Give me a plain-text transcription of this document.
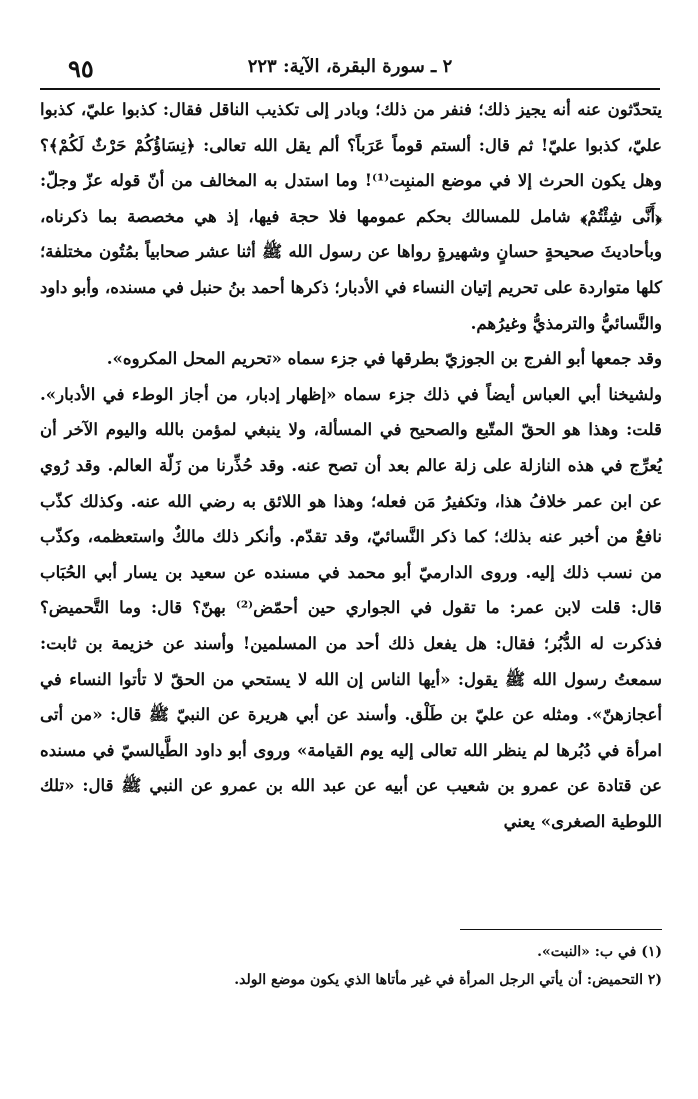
٩٥	٢ ـ سورة البقرة، الآية: ٢٢٣

يتحدّثون عنه أنه يجيز ذلك؛ فنفر من ذلك؛ وبادر إلى تكذيب الناقل فقال: كذبوا عليّ، كذبوا عليّ، كذبوا عليّ! ثم قال: ألستم قوماً عَرَباً؟ ألم يقل الله تعالى: ﴿نِسَاؤُكُمْ حَرْثٌ لَكُمْ﴾؟ وهل يكون الحرث إلا في موضع المنبِت⁽¹⁾! وما استدل به المخالف من أنّ قوله عزّ وجلّ: ﴿أَنَّى شِئْتُمْ﴾ شامل للمسالك بحكم عمومها فلا حجة فيها، إذ هي مخصصة بما ذكرناه، وبأحاديثَ صحيحةٍ حسانٍ وشهيرةٍ رواها عن رسول الله ﷺ أثنا عشر صحابياً بمُتُون مختلفة؛ كلها متواردة على تحريم إتيان النساء في الأدبار؛ ذكرها أحمد بنُ حنبل في مسنده، وأبو داود والنَّسائيُّ والترمذيُّ وغيرُهم.

وقد جمعها أبو الفرج بن الجوزيّ بطرقها في جزء سماه «تحريم المحل المكروه».

ولشيخنا أبي العباس أيضاً في ذلك جزء سماه «إظهار إدبار، من أجاز الوطء في الأدبار». قلت: وهذا هو الحقّ المتّبع والصحيح في المسألة، ولا ينبغي لمؤمن بالله واليوم الآخر أن يُعرِّج في هذه النازلة على زلة عالم بعد أن تصح عنه. وقد حُذِّرنا من زَلّة العالم. وقد رُوي عن ابن عمر خلافُ هذا، وتكفيرُ مَن فعله؛ وهذا هو اللائق به رضي الله عنه. وكذلك كذّب نافعٌ من أخبر عنه بذلك؛ كما ذكر النَّسائيّ، وقد تقدّم. وأنكر ذلك مالكٌ واستعظمه، وكذّب من نسب ذلك إليه. وروى الدارميّ أبو محمد في مسنده عن سعيد بن يسار أبي الحُبَاب قال: قلت لابن عمر: ما تقول في الجواري حين أحمّض⁽²⁾ بهنّ؟ قال: وما التَّحميض؟ فذكرت له الدُّبُر؛ فقال: هل يفعل ذلك أحد من المسلمين! وأسند عن خزيمة بن ثابت: سمعتُ رسول الله ﷺ يقول: «أيها الناس إن الله لا يستحي من الحقّ لا تأتوا النساء في أعجازهنّ». ومثله عن عليّ بن طَلْق. وأسند عن أبي هريرة عن النبيّ ﷺ قال: «من أتى امرأة في دُبُرها لم ينظر الله تعالى إليه يوم القيامة» وروى أبو داود الطَّيالسيّ في مسنده عن قتادة عن عمرو بن شعيب عن أبيه عن عبد الله بن عمرو عن النبي ﷺ قال: «تلك اللوطية الصغرى» يعني

(١) في ب: «النبت».

(٢ التحميض: أن يأتي الرجل المرأة في غير مأتاها الذي يكون موضع الولد.
